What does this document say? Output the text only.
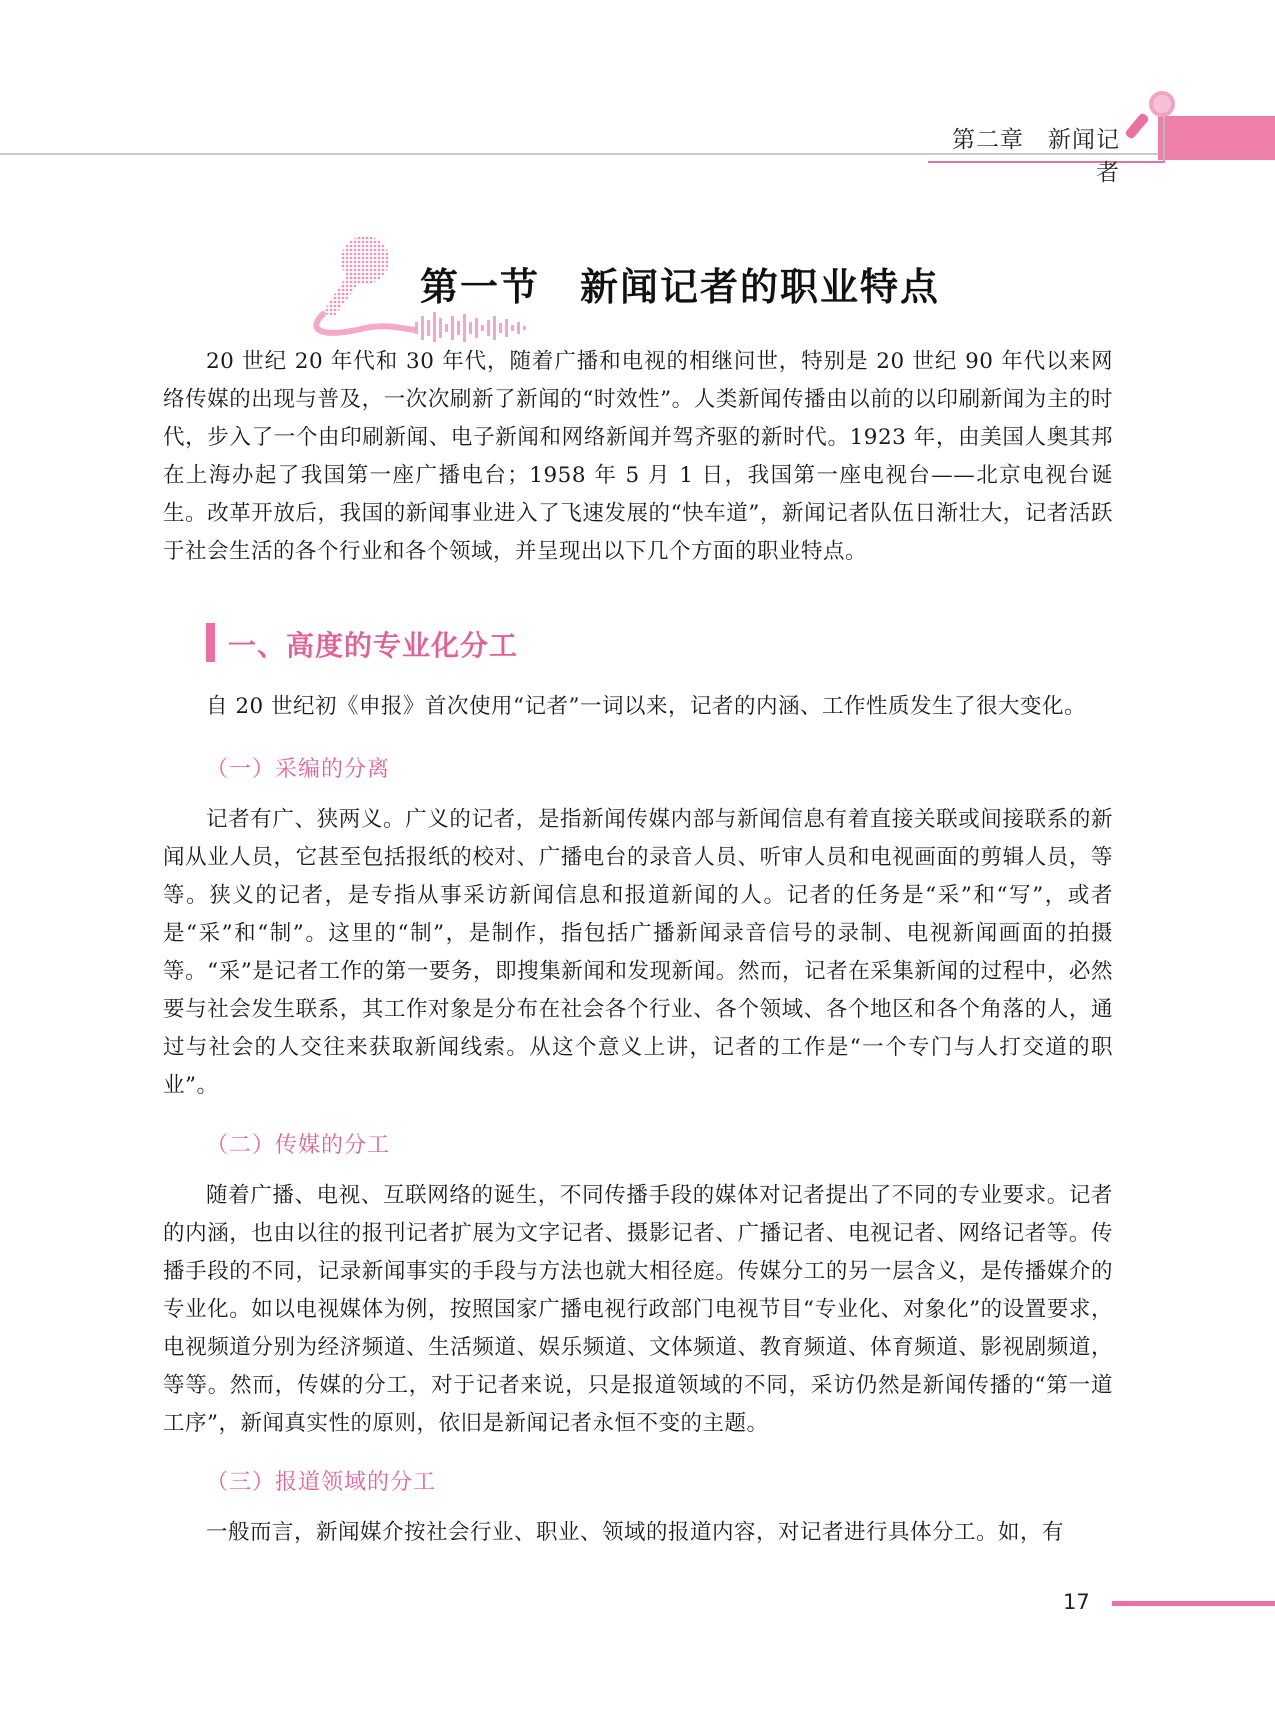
第二章　新闻记者
第一节　新闻记者的职业特点

20 世纪 20 年代和 30 年代，随着广播和电视的相继问世，特别是 20 世纪 90 年代以来网络传媒的出现与普及，一次次刷新了新闻的“时效性”。人类新闻传播由以前的以印刷新闻为主的时代，步入了一个由印刷新闻、电子新闻和网络新闻并驾齐驱的新时代。1923 年，由美国人奥其邦在上海办起了我国第一座广播电台；1958 年 5 月 1 日，我国第一座电视台——北京电视台诞生。改革开放后，我国的新闻事业进入了飞速发展的“快车道”，新闻记者队伍日渐壮大，记者活跃于社会生活的各个行业和各个领域，并呈现出以下几个方面的职业特点。

一、高度的专业化分工

自 20 世纪初《申报》首次使用“记者”一词以来，记者的内涵、工作性质发生了很大变化。

（一）采编的分离

记者有广、狭两义。广义的记者，是指新闻传媒内部与新闻信息有着直接关联或间接联系的新闻从业人员，它甚至包括报纸的校对、广播电台的录音人员、听审人员和电视画面的剪辑人员，等等。狭义的记者，是专指从事采访新闻信息和报道新闻的人。记者的任务是“采”和“写”，或者是“采”和“制”。这里的“制”，是制作，指包括广播新闻录音信号的录制、电视新闻画面的拍摄等。“采”是记者工作的第一要务，即搜集新闻和发现新闻。然而，记者在采集新闻的过程中，必然要与社会发生联系，其工作对象是分布在社会各个行业、各个领域、各个地区和各个角落的人，通过与社会的人交往来获取新闻线索。从这个意义上讲，记者的工作是“一个专门与人打交道的职业”。

（二）传媒的分工

随着广播、电视、互联网络的诞生，不同传播手段的媒体对记者提出了不同的专业要求。记者的内涵，也由以往的报刊记者扩展为文字记者、摄影记者、广播记者、电视记者、网络记者等。传播手段的不同，记录新闻事实的手段与方法也就大相径庭。传媒分工的另一层含义，是传播媒介的专业化。如以电视媒体为例，按照国家广播电视行政部门电视节目“专业化、对象化”的设置要求，电视频道分别为经济频道、生活频道、娱乐频道、文体频道、教育频道、体育频道、影视剧频道，等等。然而，传媒的分工，对于记者来说，只是报道领域的不同，采访仍然是新闻传播的“第一道工序”，新闻真实性的原则，依旧是新闻记者永恒不变的主题。

（三）报道领域的分工

一般而言，新闻媒介按社会行业、职业、领域的报道内容，对记者进行具体分工。如，有

17
